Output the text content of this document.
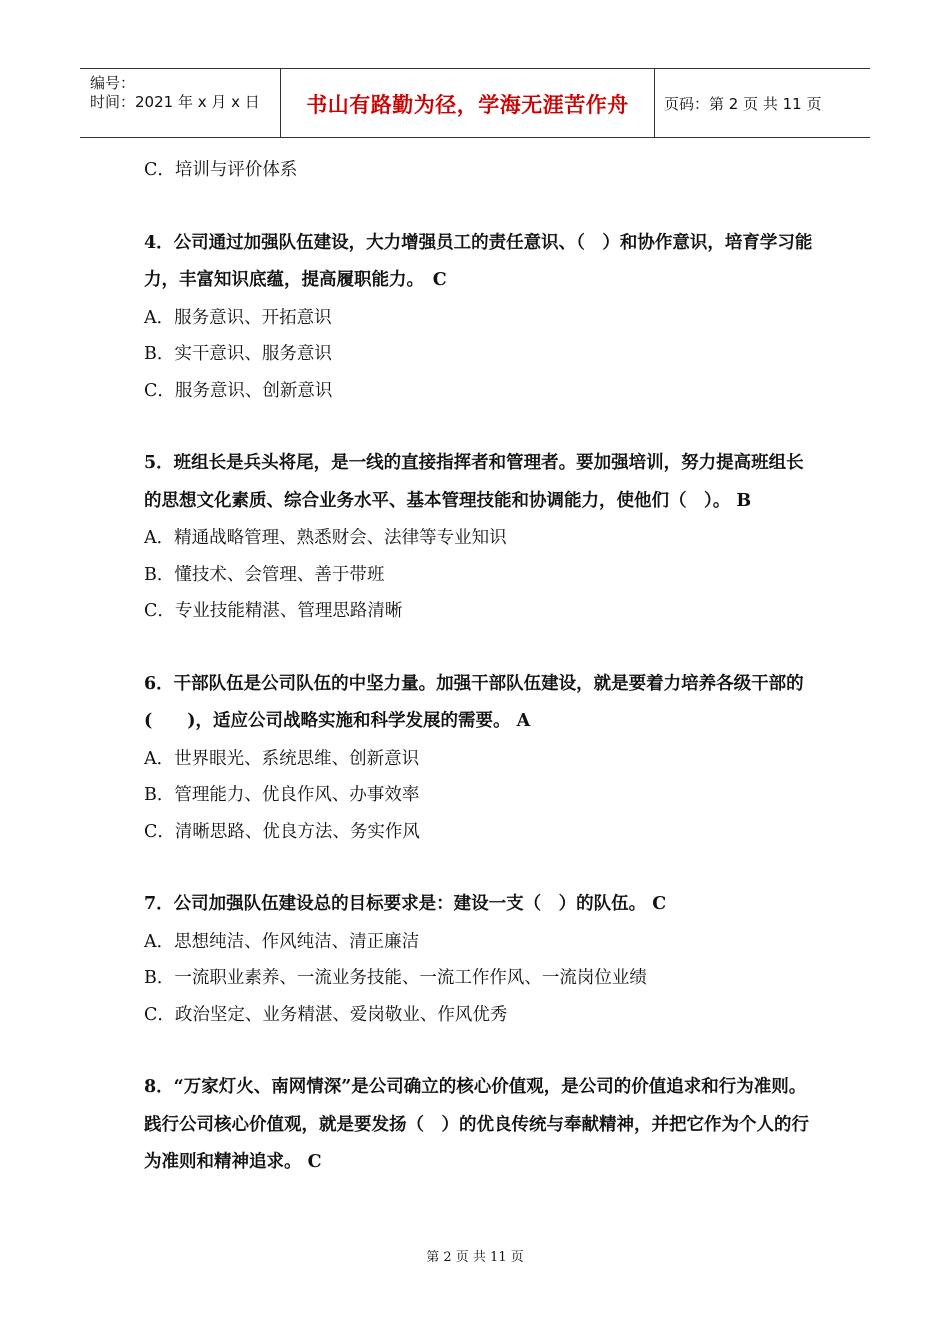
编号：
时间：2021 年 x 月 x 日	书山有路勤为径，学海无涯苦作舟	页码：第 2 页 共 11 页
C．培训与评价体系
4．公司通过加强队伍建设，大力增强员工的责任意识、（　）和协作意识，培育学习能力，丰富知识底蕴，提高履职能力。　C
A．服务意识、开拓意识
B．实干意识、服务意识
C．服务意识、创新意识
5．班组长是兵头将尾，是一线的直接指挥者和管理者。要加强培训，努力提高班组长的思想文化素质、综合业务水平、基本管理技能和协调能力，使他们（　）。 B
A．精通战略管理、熟悉财会、法律等专业知识
B．懂技术、会管理、善于带班
C．专业技能精湛、管理思路清晰
6．干部队伍是公司队伍的中坚力量。加强干部队伍建设，就是要着力培养各级干部的(　　)，适应公司战略实施和科学发展的需要。 A
A．世界眼光、系统思维、创新意识
B．管理能力、优良作风、办事效率
C．清晰思路、优良方法、务实作风
7．公司加强队伍建设总的目标要求是：建设一支（　）的队伍。 C
A．思想纯洁、作风纯洁、清正廉洁
B．一流职业素养、一流业务技能、一流工作作风、一流岗位业绩
C．政治坚定、业务精湛、爱岗敬业、作风优秀
8．“万家灯火、南网情深”是公司确立的核心价值观，是公司的价值追求和行为准则。践行公司核心价值观，就是要发扬（　）的优良传统与奉献精神，并把它作为个人的行为准则和精神追求。 C
第 2 页 共 11 页
